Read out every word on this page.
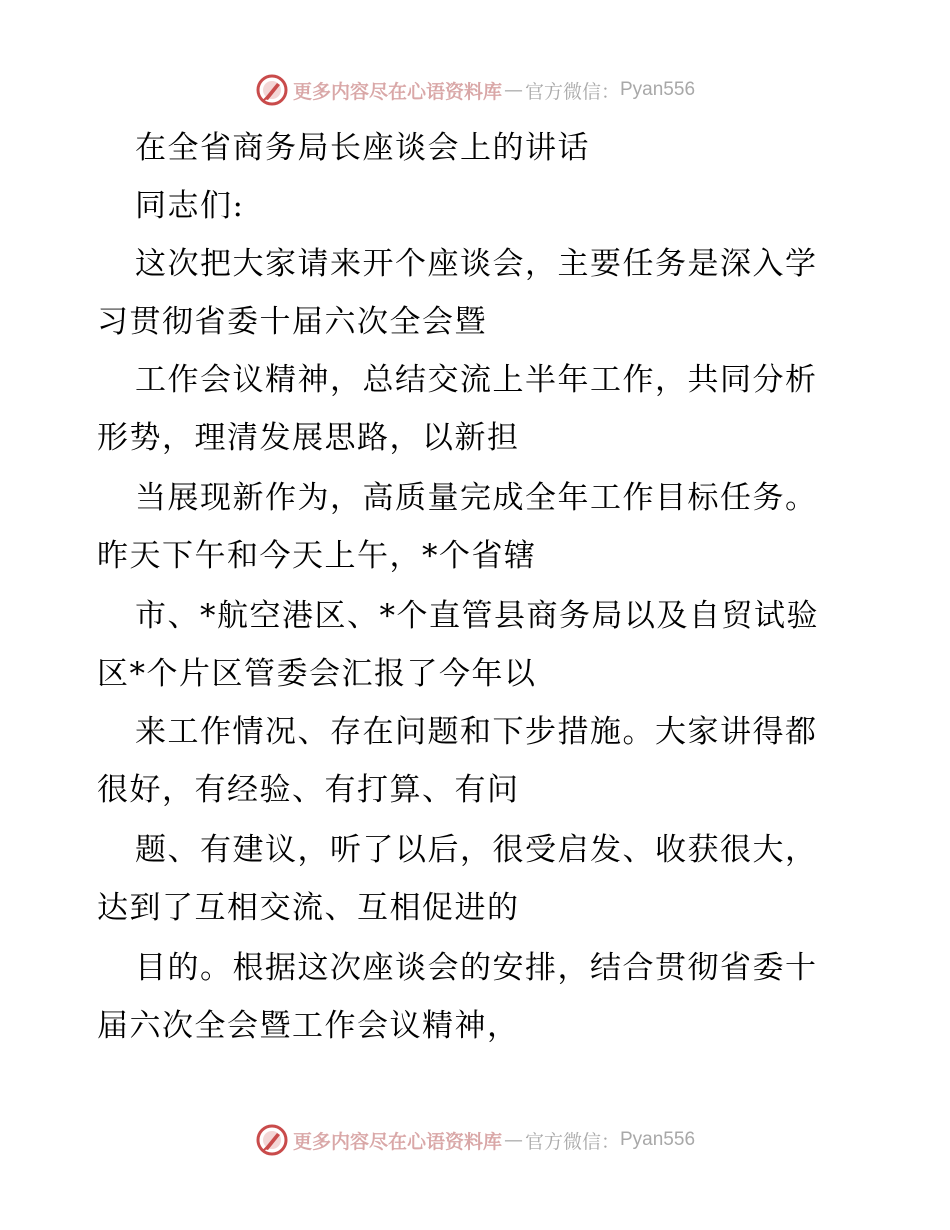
更多内容尽在心语资料库 — 官方微信： Pyan556
在全省商务局长座谈会上的讲话
同志们:
这次把大家请来开个座谈会，主要任务是深入学
习贯彻省委十届六次全会暨
工作会议精神，总结交流上半年工作，共同分析
形势，理清发展思路，以新担
当展现新作为，高质量完成全年工作目标任务。
昨天下午和今天上午，*个省辖
市、*航空港区、*个直管县商务局以及自贸试验
区*个片区管委会汇报了今年以
来工作情况、存在问题和下步措施。大家讲得都
很好，有经验、有打算、有问
题、有建议，听了以后，很受启发、收获很大，
达到了互相交流、互相促进的
目的。根据这次座谈会的安排，结合贯彻省委十
届六次全会暨工作会议精神，
更多内容尽在心语资料库 — 官方微信： Pyan556
